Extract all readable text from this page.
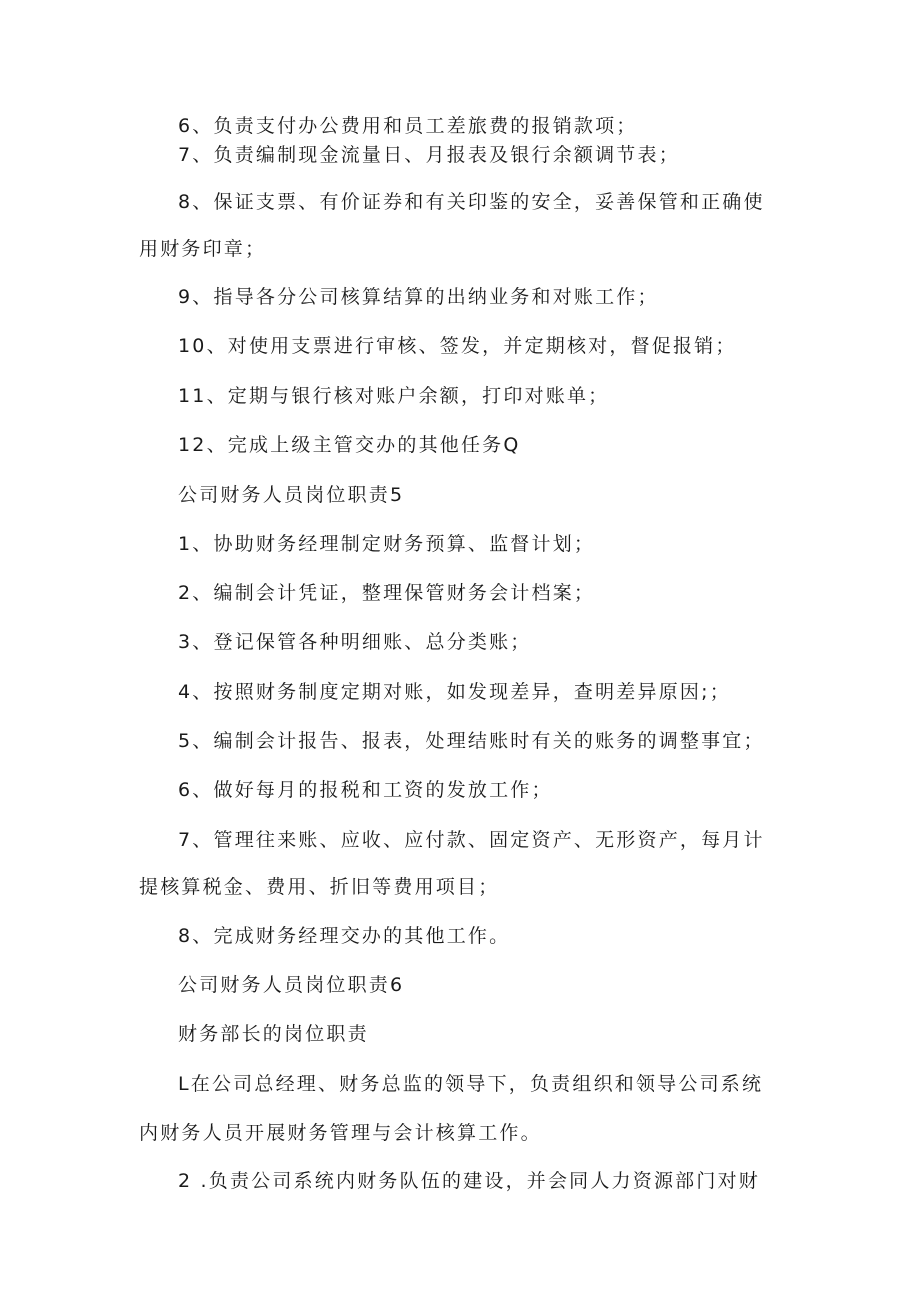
6、负责支付办公费用和员工差旅费的报销款项；
7、负责编制现金流量日、月报表及银行余额调节表；
8、保证支票、有价证券和有关印鉴的安全，妥善保管和正确使
用财务印章；
9、指导各分公司核算结算的出纳业务和对账工作；
10、对使用支票进行审核、签发，并定期核对，督促报销；
11、定期与银行核对账户余额，打印对账单；
12、完成上级主管交办的其他任务Q
公司财务人员岗位职责5
1、协助财务经理制定财务预算、监督计划；
2、编制会计凭证，整理保管财务会计档案；
3、登记保管各种明细账、总分类账；
4、按照财务制度定期对账，如发现差异，查明差异原因;；
5、编制会计报告、报表，处理结账时有关的账务的调整事宜；
6、做好每月的报税和工资的发放工作；
7、管理往来账、应收、应付款、固定资产、无形资产，每月计
提核算税金、费用、折旧等费用项目；
8、完成财务经理交办的其他工作。
公司财务人员岗位职责6
财务部长的岗位职责
L在公司总经理、财务总监的领导下，负责组织和领导公司系统
内财务人员开展财务管理与会计核算工作。
2 .负责公司系统内财务队伍的建设，并会同人力资源部门对财
